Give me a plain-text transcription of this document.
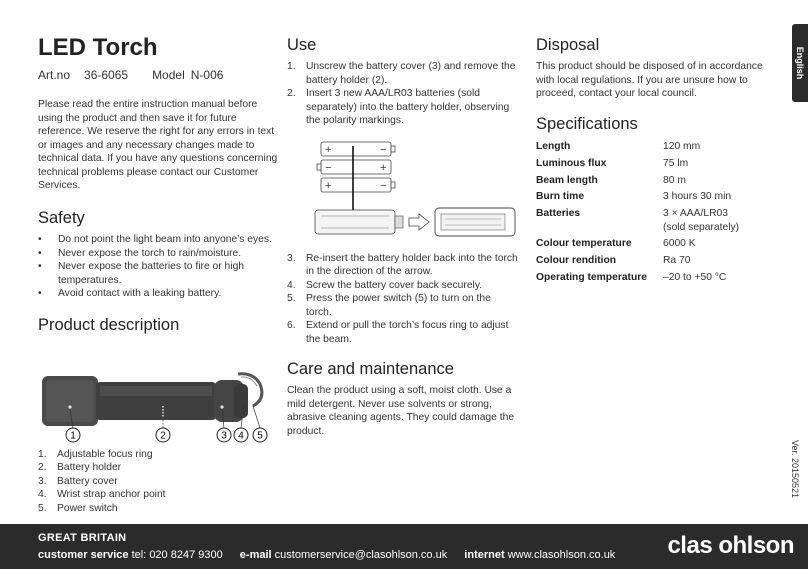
English
Ver. 20150521
LED Torch
Art.no 36-6065 Model N-006

Please read the entire instruction manual before using the product and then save it for future reference. We reserve the right for any errors in text or images and any necessary changes made to technical data. If you have any questions concerning technical problems please contact our Customer Services.

Safety
• Do not point the light beam into anyone’s eyes.
• Never expose the torch to rain/moisture.
• Never expose the batteries to fire or high temperatures.
• Avoid contact with a leaking battery.
Product description
1	2	3 4 5
1. Adjustable focus ring
2. Battery holder
3. Battery cover
4. Wrist strap anchor point
5. Power switch
Use
1. Unscrew the battery cover (3) and remove the battery holder (2).
2. Insert 3 new AAA/LR03 batteries (sold separately) into the battery holder, observing the polarity markings.
+	−
−	+
+	−
3. Re-insert the battery holder back into the torch in the direction of the arrow.
4. Screw the battery cover back securely.
5. Press the power switch (5) to turn on the torch.
6. Extend or pull the torch’s focus ring to adjust the beam.
Care and maintenance

Clean the product using a soft, moist cloth. Use a mild detergent. Never use solvents or strong, abrasive cleaning agents. They could damage the product.

Disposal

This product should be disposed of in accordance with local regulations. If you are unsure how to proceed, contact your local council.

Specifications
Length	120 mm
Luminous flux	75 lm
Beam length	80 m
Burn time	3 hours 30 min
Batteries	3 × AAA/LR03
(sold separately)
Colour temperature	6000 K
Colour rendition	Ra 70
Operating temperature	–20 to +50 °C
GREAT BRITAIN
customer service tel: 020 8247 9300 e-mail customerservice@clasohlson.co.uk internet www.clasohlson.co.uk clas ohlson
